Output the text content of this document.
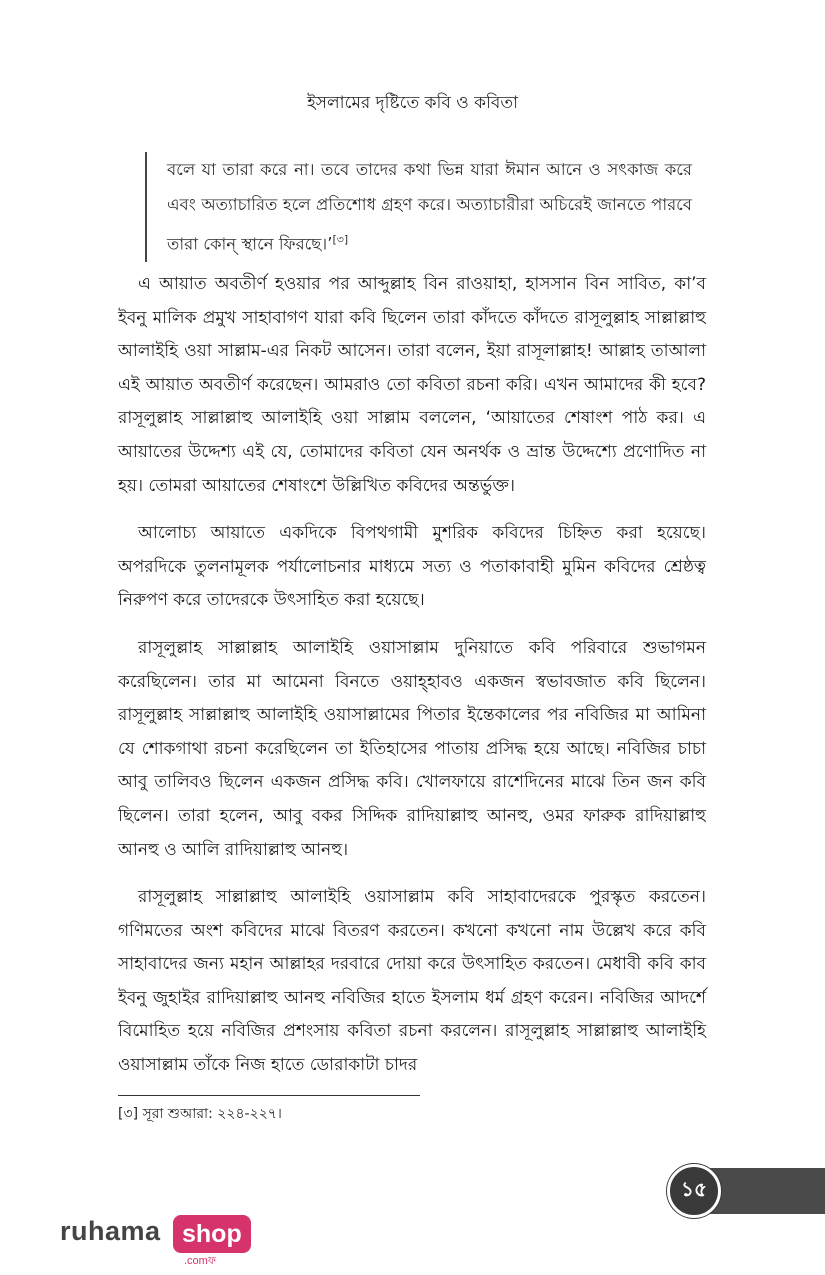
ইসলামের দৃষ্টিতে কবি ও কবিতা
বলে যা তারা করে না। তবে তাদের কথা ভিন্ন যারা ঈমান আনে ও সৎকাজ করে এবং অত্যাচারিত হলে প্রতিশোধ গ্রহণ করে। অত্যাচারীরা অচিরেই জানতে পারবে তারা কোন্ স্থানে ফিরছে।’[৩]

এ আয়াত অবতীর্ণ হওয়ার পর আব্দুল্লাহ বিন রাওয়াহা, হাসসান বিন সাবিত, কা’ব ইবনু মালিক প্রমুখ সাহাবাগণ যারা কবি ছিলেন তারা কাঁদতে কাঁদতে রাসূলুল্লাহ সাল্লাল্লাহু আলাইহি ওয়া সাল্লাম-এর নিকট আসেন। তারা বলেন, ইয়া রাসূলাল্লাহ! আল্লাহ তাআলা এই আয়াত অবতীর্ণ করেছেন। আমরাও তো কবিতা রচনা করি। এখন আমাদের কী হবে? রাসূলুল্লাহ সাল্লাল্লাহু আলাইহি ওয়া সাল্লাম বললেন, ‘আয়াতের শেষাংশ পাঠ কর। এ আয়াতের উদ্দেশ্য এই যে, তোমাদের কবিতা যেন অনর্থক ও ভ্রান্ত উদ্দেশ্যে প্রণোদিত না হয়। তোমরা আয়াতের শেষাংশে উল্লিখিত কবিদের অন্তর্ভুক্ত।

আলোচ্য আয়াতে একদিকে বিপথগামী মুশরিক কবিদের চিহ্নিত করা হয়েছে। অপরদিকে তুলনামূলক পর্যালোচনার মাধ্যমে সত্য ও পতাকাবাহী মুমিন কবিদের শ্রেষ্ঠত্ব নিরুপণ করে তাদেরকে উৎসাহিত করা হয়েছে।

রাসূলুল্লাহ সাল্লাল্লাহ আলাইহি ওয়াসাল্লাম দুনিয়াতে কবি পরিবারে শুভাগমন করেছিলেন। তার মা আমেনা বিনতে ওয়াহ্‌হাবও একজন স্বভাবজাত কবি ছিলেন। রাসূলুল্লাহ সাল্লাল্লাহু আলাইহি ওয়াসাল্লামের পিতার ইন্তেকালের পর নবিজির মা আমিনা যে শোকগাথা রচনা করেছিলেন তা ইতিহাসের পাতায় প্রসিদ্ধ হয়ে আছে। নবিজির চাচা আবু তালিবও ছিলেন একজন প্রসিদ্ধ কবি। খোলফায়ে রাশেদিনের মাঝে তিন জন কবি ছিলেন। তারা হলেন, আবু বকর সিদ্দিক রাদিয়াল্লাহু আনহু, ওমর ফারুক রাদিয়াল্লাহু আনহু ও আলি রাদিয়াল্লাহু আনহু।

রাসূলুল্লাহ সাল্লাল্লাহু আলাইহি ওয়াসাল্লাম কবি সাহাবাদেরকে পুরস্কৃত করতেন। গণিমতের অংশ কবিদের মাঝে বিতরণ করতেন। কখনো কখনো নাম উল্লেখ করে কবি সাহাবাদের জন্য মহান আল্লাহর দরবারে দোয়া করে উৎসাহিত করতেন। মেধাবী কবি কাব ইবনু জুহাইর রাদিয়াল্লাহু আনহু নবিজির হাতে ইসলাম ধর্ম গ্রহণ করেন। নবিজির আদর্শে বিমোহিত হয়ে নবিজির প্রশংসায় কবিতা রচনা করলেন। রাসূলুল্লাহ সাল্লাল্লাহু আলাইহি ওয়াসাল্লাম তাঁকে নিজ হাতে ডোরাকাটা চাদর

[৩] সূরা শুআরা: ২২৪-২২৭।
১৫
ruhama shop
.comফ
